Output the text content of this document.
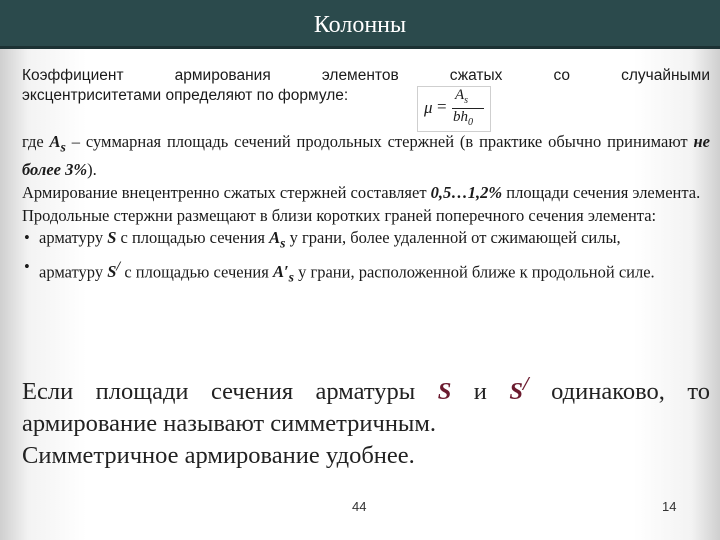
Колонны
Коэффициент	армирования	элементов	сжатых	со	случайными
эксцентриситетами определяют по формуле:
μ =
$A_s$
$bh_0$

где $A_s$ – суммарная площадь сечений продольных стержней (в практике обычно принимают не более 3%).

Армирование внецентренно сжатых стержней составляет 0,5…1,2% площади сечения элемента.

Продольные стержни размещают в близи коротких граней поперечного сечения элемента:

• арматуру S с площадью сечения $A_s$ у грани, более удаленной от сжимающей силы,

• арматуру S/ с площадью сечения $A'_s$ у грани, расположенной ближе к продольной силе.

Если площади сечения арматуры S и S/ одинаково, то армирование называют симметричным.

Симметричное армирование удобнее.

44	14
